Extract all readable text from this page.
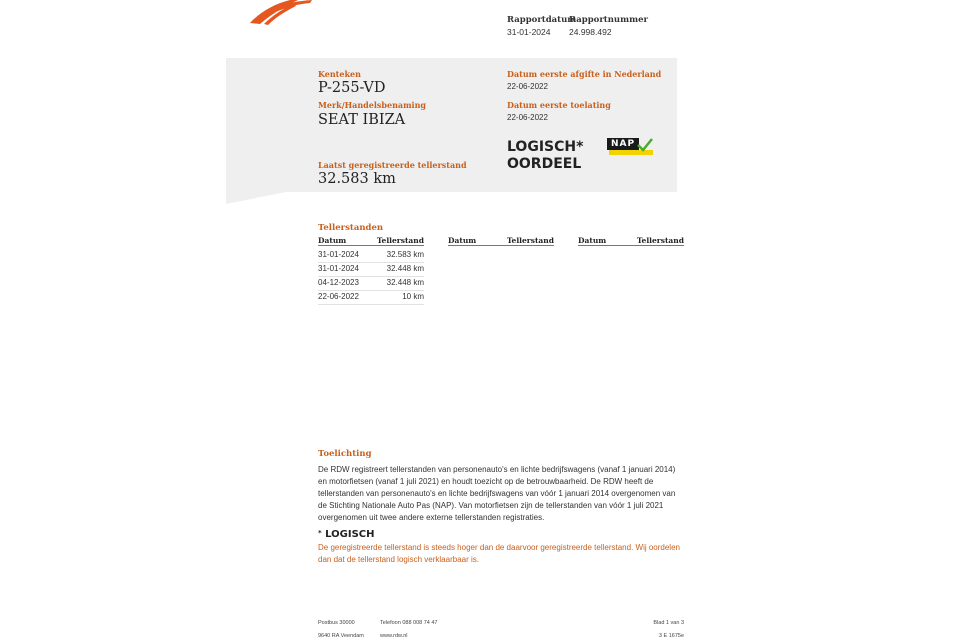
Rapportdatum
31-01-2024
Rapportnummer
24.998.492
Kenteken
P-255-VD
Merk/Handelsbenaming
SEAT IBIZA
Datum eerste afgifte in Nederland
22-06-2022
Datum eerste toelating
22-06-2022
LOGISCH*
OORDEEL
NAP
Laatst geregistreerde tellerstand
32.583 km
Tellerstanden
Datum	Tellerstand	Datum	Tellerstand	Datum	Tellerstand
31-01-2024	32.583 km
31-01-2024	32.448 km
04-12-2023	32.448 km
22-06-2022	10 km
Toelichting
De RDW registreert tellerstanden van personenauto's en lichte bedrijfswagens (vanaf 1 januari 2014) en motorfietsen (vanaf 1 juli 2021) en houdt toezicht op de betrouwbaarheid. De RDW heeft de tellerstanden van personenauto's en lichte bedrijfswagens van vóór 1 januari 2014 overgenomen van de Stichting Nationale Auto Pas (NAP). Van motorfietsen zijn de tellerstanden van vóór 1 juli 2021 overgenomen uit twee andere externe tellerstanden registraties.
* LOGISCH
De geregistreerde tellerstand is steeds hoger dan de daarvoor geregistreerde tellerstand. Wij oordelen dan dat de tellerstand logisch verklaarbaar is.
Postbus 30000
9640 RA Veendam
Telefoon 088 008 74 47
www.rdw.nl
Blad 1 van 3
3 E 1675e
